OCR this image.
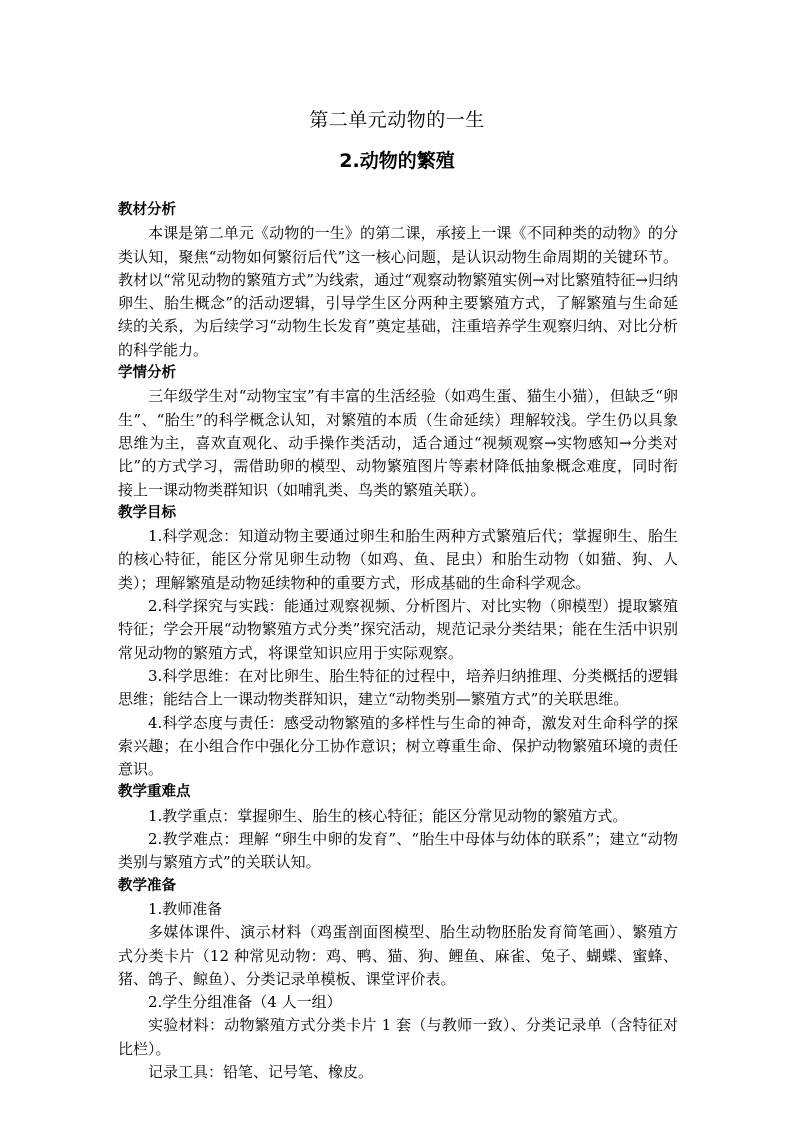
第二单元动物的一生
2.动物的繁殖

教材分析

本课是第二单元《动物的一生》的第二课，承接上一课《不同种类的动物》的分类认知，聚焦“动物如何繁衍后代”这一核心问题，是认识动物生命周期的关键环节。教材以“常见动物的繁殖方式”为线索，通过“观察动物繁殖实例→对比繁殖特征→归纳卵生、胎生概念”的活动逻辑，引导学生区分两种主要繁殖方式，了解繁殖与生命延续的关系，为后续学习“动物生长发育”奠定基础，注重培养学生观察归纳、对比分析的科学能力。

学情分析

三年级学生对“动物宝宝”有丰富的生活经验（如鸡生蛋、猫生小猫），但缺乏“卵生”、“胎生”的科学概念认知，对繁殖的本质（生命延续）理解较浅。学生仍以具象思维为主，喜欢直观化、动手操作类活动，适合通过“视频观察→实物感知→分类对比”的方式学习，需借助卵的模型、动物繁殖图片等素材降低抽象概念难度，同时衔接上一课动物类群知识（如哺乳类、鸟类的繁殖关联）。

教学目标

1.科学观念：知道动物主要通过卵生和胎生两种方式繁殖后代；掌握卵生、胎生的核心特征，能区分常见卵生动物（如鸡、鱼、昆虫）和胎生动物（如猫、狗、人类）；理解繁殖是动物延续物种的重要方式，形成基础的生命科学观念。

2.科学探究与实践：能通过观察视频、分析图片、对比实物（卵模型）提取繁殖特征；学会开展“动物繁殖方式分类”探究活动，规范记录分类结果；能在生活中识别常见动物的繁殖方式，将课堂知识应用于实际观察。

3.科学思维：在对比卵生、胎生特征的过程中，培养归纳推理、分类概括的逻辑思维；能结合上一课动物类群知识，建立“动物类别—繁殖方式”的关联思维。

4.科学态度与责任：感受动物繁殖的多样性与生命的神奇，激发对生命科学的探索兴趣；在小组合作中强化分工协作意识；树立尊重生命、保护动物繁殖环境的责任意识。

教学重难点

1.教学重点：掌握卵生、胎生的核心特征；能区分常见动物的繁殖方式。

2.教学难点：理解 “卵生中卵的发育”、“胎生中母体与幼体的联系”；建立“动物类别与繁殖方式”的关联认知。

教学准备

1.教师准备

多媒体课件、演示材料（鸡蛋剖面图模型、胎生动物胚胎发育简笔画）、繁殖方式分类卡片（12 种常见动物：鸡、鸭、猫、狗、鲤鱼、麻雀、兔子、蝴蝶、蜜蜂、猪、鸽子、鲸鱼）、分类记录单模板、课堂评价表。

2.学生分组准备（4 人一组）

实验材料：动物繁殖方式分类卡片 1 套（与教师一致）、分类记录单（含特征对比栏）。

记录工具：铅笔、记号笔、橡皮。
